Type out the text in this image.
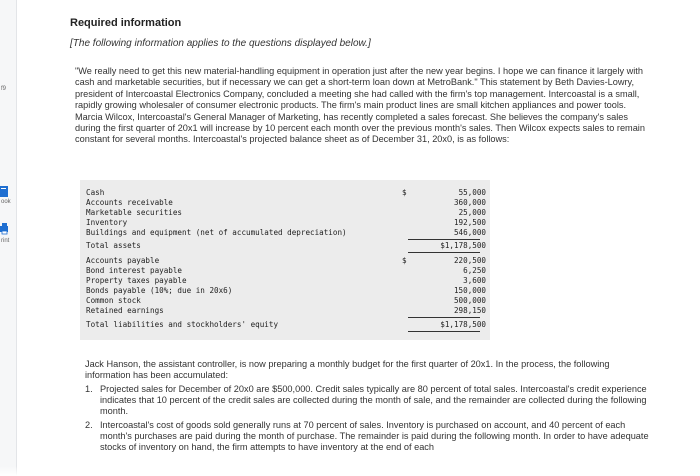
f9
ook
rint
Required information
[The following information applies to the questions displayed below.]
"We really need to get this new material-handling equipment in operation just after the new year begins. I hope we can finance it largely with cash and marketable securities, but if necessary we can get a short-term loan down at MetroBank." This statement by Beth Davies-Lowry, president of Intercoastal Electronics Company, concluded a meeting she had called with the firm's top management. Intercoastal is a small, rapidly growing wholesaler of consumer electronic products. The firm's main product lines are small kitchen appliances and power tools. Marcia Wilcox, Intercoastal's General Manager of Marketing, has recently completed a sales forecast. She believes the company's sales during the first quarter of 20x1 will increase by 10 percent each month over the previous month's sales. Then Wilcox expects sales to remain constant for several months. Intercoastal's projected balance sheet as of December 31, 20x0, is as follows:
Cash	$	55,000
Accounts receivable	360,000
Marketable securities	25,000
Inventory	192,500
Buildings and equipment (net of accumulated depreciation)	546,000
Total assets	$1,178,500
Accounts payable	$	220,500
Bond interest payable	6,250
Property taxes payable	3,600
Bonds payable (10%; due in 20x6)	150,000
Common stock	500,000
Retained earnings	298,150
Total liabilities and stockholders' equity	$1,178,500
Jack Hanson, the assistant controller, is now preparing a monthly budget for the first quarter of 20x1. In the process, the following information has been accumulated:
1. Projected sales for December of 20x0 are $500,000. Credit sales typically are 80 percent of total sales. Intercoastal's credit experience indicates that 10 percent of the credit sales are collected during the month of sale, and the remainder are collected during the following month.
2. Intercoastal's cost of goods sold generally runs at 70 percent of sales. Inventory is purchased on account, and 40 percent of each month's purchases are paid during the month of purchase. The remainder is paid during the following month. In order to have adequate stocks of inventory on hand, the firm attempts to have inventory at the end of each
